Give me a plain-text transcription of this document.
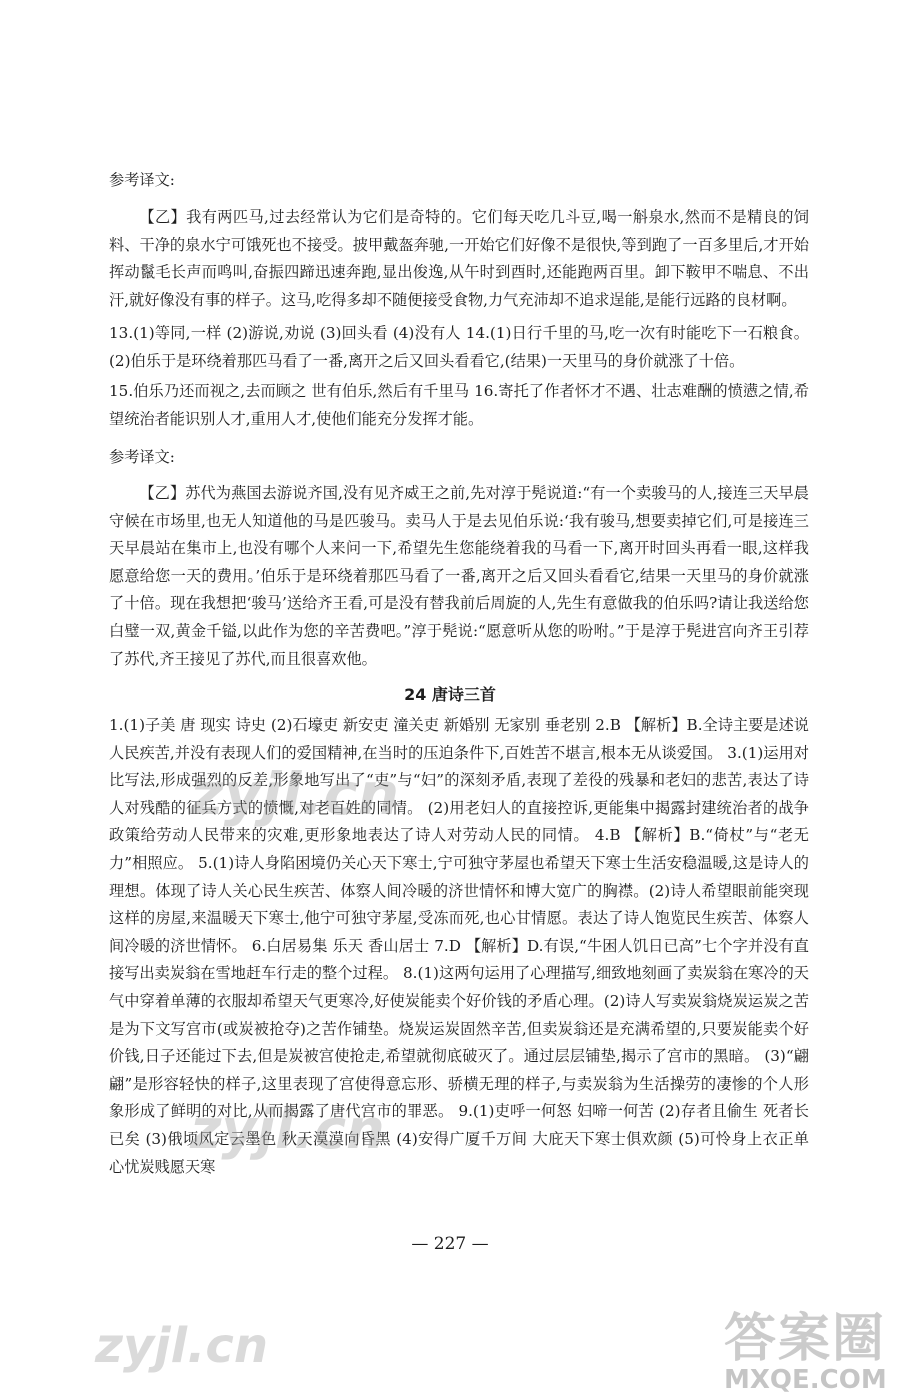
参考译文:

【乙】我有两匹马,过去经常认为它们是奇特的。它们每天吃几斗豆,喝一斛泉水,然而不是精良的饲料、干净的泉水宁可饿死也不接受。披甲戴盔奔驰,一开始它们好像不是很快,等到跑了一百多里后,才开始挥动鬣毛长声而鸣叫,奋振四蹄迅速奔跑,显出俊逸,从午时到酉时,还能跑两百里。卸下鞍甲不喘息、不出汗,就好像没有事的样子。这马,吃得多却不随便接受食物,力气充沛却不追求逞能,是能行远路的良材啊。

13.(1)等同,一样 (2)游说,劝说 (3)回头看 (4)没有人 14.(1)日行千里的马,吃一次有时能吃下一石粮食。 (2)伯乐于是环绕着那匹马看了一番,离开之后又回头看看它,(结果)一天里马的身价就涨了十倍。

15.伯乐乃还而视之,去而顾之 世有伯乐,然后有千里马 16.寄托了作者怀才不遇、壮志难酬的愤懑之情,希望统治者能识别人才,重用人才,使他们能充分发挥才能。

参考译文:

【乙】苏代为燕国去游说齐国,没有见齐威王之前,先对淳于髡说道:“有一个卖骏马的人,接连三天早晨守候在市场里,也无人知道他的马是匹骏马。卖马人于是去见伯乐说:‘我有骏马,想要卖掉它们,可是接连三天早晨站在集市上,也没有哪个人来问一下,希望先生您能绕着我的马看一下,离开时回头再看一眼,这样我愿意给您一天的费用。’伯乐于是环绕着那匹马看了一番,离开之后又回头看看它,结果一天里马的身价就涨了十倍。现在我想把‘骏马’送给齐王看,可是没有替我前后周旋的人,先生有意做我的伯乐吗?请让我送给您白璧一双,黄金千镒,以此作为您的辛苦费吧。”淳于髡说:“愿意听从您的吩咐。”于是淳于髡进宫向齐王引荐了苏代,齐王接见了苏代,而且很喜欢他。

24 唐诗三首

1.(1)子美 唐 现实 诗史 (2)石壕吏 新安吏 潼关吏 新婚别 无家别 垂老别 2.B 【解析】B.全诗主要是述说人民疾苦,并没有表现人们的爱国精神,在当时的压迫条件下,百姓苦不堪言,根本无从谈爱国。 3.(1)运用对比写法,形成强烈的反差,形象地写出了“吏”与“妇”的深刻矛盾,表现了差役的残暴和老妇的悲苦,表达了诗人对残酷的征兵方式的愤慨,对老百姓的同情。 (2)用老妇人的直接控诉,更能集中揭露封建统治者的战争政策给劳动人民带来的灾难,更形象地表达了诗人对劳动人民的同情。 4.B 【解析】B.“倚杖”与“老无力”相照应。 5.(1)诗人身陷困境仍关心天下寒士,宁可独守茅屋也希望天下寒士生活安稳温暖,这是诗人的理想。体现了诗人关心民生疾苦、体察人间冷暖的济世情怀和博大宽广的胸襟。(2)诗人希望眼前能突现这样的房屋,来温暖天下寒士,他宁可独守茅屋,受冻而死,也心甘情愿。表达了诗人饱览民生疾苦、体察人间冷暖的济世情怀。 6.白居易集 乐天 香山居士 7.D 【解析】D.有误,“牛困人饥日已高”七个字并没有直接写出卖炭翁在雪地赶车行走的整个过程。 8.(1)这两句运用了心理描写,细致地刻画了卖炭翁在寒冷的天气中穿着单薄的衣服却希望天气更寒冷,好使炭能卖个好价钱的矛盾心理。(2)诗人写卖炭翁烧炭运炭之苦是为下文写宫市(或炭被抢夺)之苦作铺垫。烧炭运炭固然辛苦,但卖炭翁还是充满希望的,只要炭能卖个好价钱,日子还能过下去,但是炭被宫使抢走,希望就彻底破灭了。通过层层铺垫,揭示了宫市的黑暗。 (3)“翩翩”是形容轻快的样子,这里表现了宫使得意忘形、骄横无理的样子,与卖炭翁为生活操劳的凄惨的个人形象形成了鲜明的对比,从而揭露了唐代宫市的罪恶。 9.(1)吏呼一何怒 妇啼一何苦 (2)存者且偷生 死者长已矣 (3)俄顷风定云墨色 秋天漠漠向昏黑 (4)安得广厦千万间 大庇天下寒士俱欢颜 (5)可怜身上衣正单 心忧炭贱愿天寒

— 227 —
zyjl.cn
zyjl.cn
zyjl.cn	答案圈
MXQE.COM
